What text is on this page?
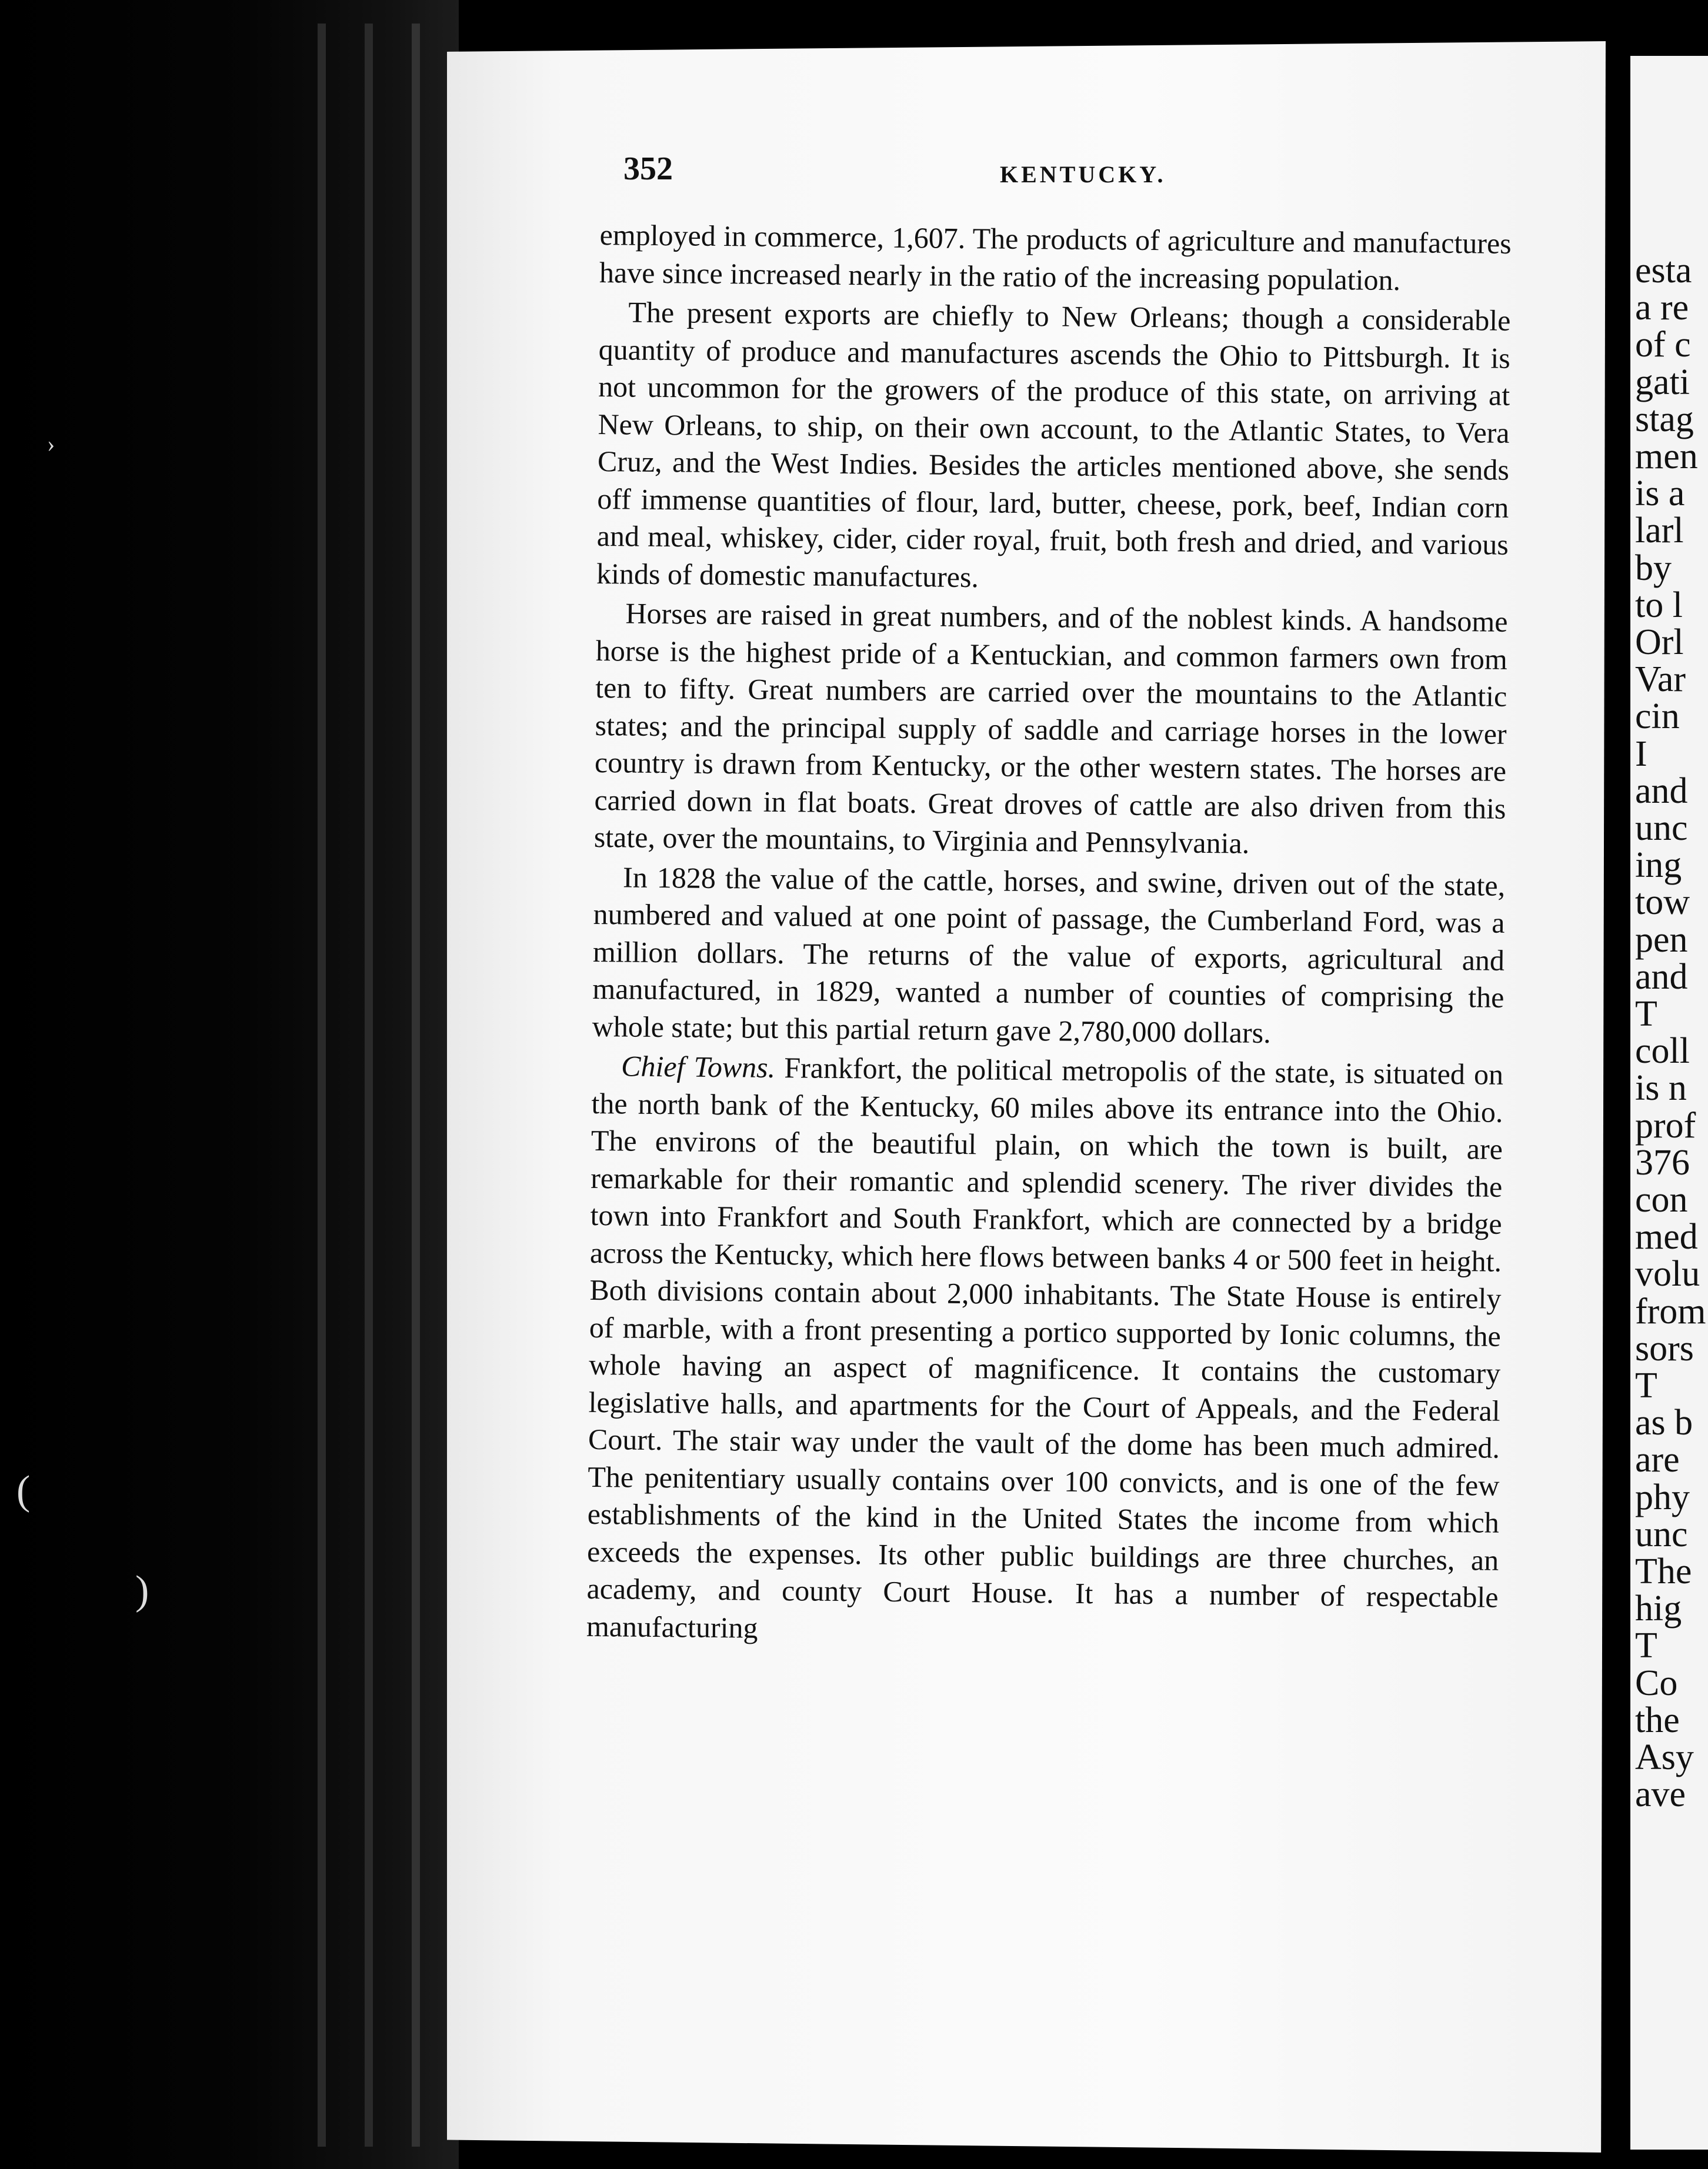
›
(
)
352	KENTUCKY.

employed in commerce, 1,607. The products of agriculture and manufactures have since increased nearly in the ratio of the increasing population.

The present exports are chiefly to New Orleans; though a considerable quantity of produce and manufactures ascends the Ohio to Pittsburgh. It is not uncommon for the growers of the produce of this state, on arriving at New Orleans, to ship, on their own account, to the Atlantic States, to Vera Cruz, and the West Indies. Besides the articles mentioned above, she sends off immense quantities of flour, lard, butter, cheese, pork, beef, Indian corn and meal, whiskey, cider, cider royal, fruit, both fresh and dried, and various kinds of domestic manufactures.

Horses are raised in great numbers, and of the noblest kinds. A handsome horse is the highest pride of a Kentuckian, and common farmers own from ten to fifty. Great numbers are carried over the mountains to the Atlantic states; and the principal supply of saddle and carriage horses in the lower country is drawn from Kentucky, or the other western states. The horses are carried down in flat boats. Great droves of cattle are also driven from this state, over the mountains, to Virginia and Pennsylvania.

In 1828 the value of the cattle, horses, and swine, driven out of the state, numbered and valued at one point of passage, the Cumberland Ford, was a million dollars. The returns of the value of exports, agricultural and manufactured, in 1829, wanted a number of counties of comprising the whole state; but this partial return gave 2,780,000 dollars.

Chief Towns. Frankfort, the political metropolis of the state, is situated on the north bank of the Kentucky, 60 miles above its entrance into the Ohio. The environs of the beautiful plain, on which the town is built, are remarkable for their romantic and splendid scenery. The river divides the town into Frankfort and South Frankfort, which are connected by a bridge across the Kentucky, which here flows between banks 4 or 500 feet in height. Both divisions contain about 2,000 inhabitants. The State House is entirely of marble, with a front presenting a portico supported by Ionic columns, the whole having an aspect of magnificence. It contains the customary legislative halls, and apartments for the Court of Appeals, and the Federal Court. The stair way under the vault of the dome has been much admired. The penitentiary usually contains over 100 convicts, and is one of the few establishments of the kind in the United States the income from which exceeds the expenses. Its other public buildings are three churches, an academy, and county Court House. It has a number of respectable manufacturing

esta
a re
of c
gati
stag
men
is a
larl
by
to l
Orl
Var
cin
I
and
unc
ing
tow
pen
and
T
coll
is n
prof
376
con
med
volu
from
sors
T
as b
are
phy
unc
The
hig
T
Co
the
Asy
ave
